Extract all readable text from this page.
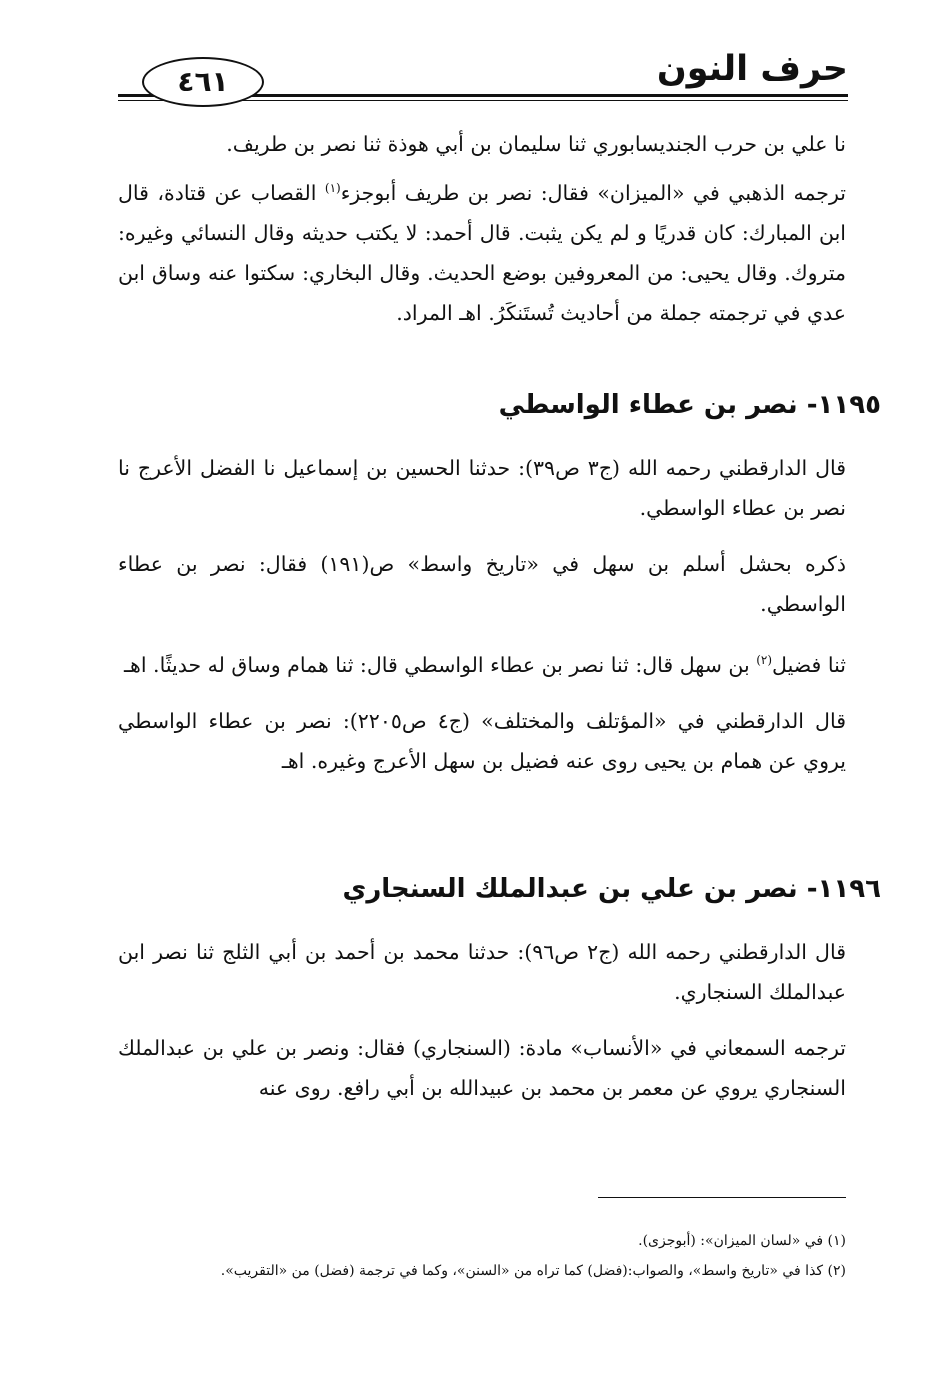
حرف النون
٤٦١

نا علي بن حرب الجنديسابوري ثنا سليمان بن أبي هوذة ثنا نصر بن طريف.

ترجمه الذهبي في «الميزان» فقال: نصر بن طريف أبوجزء$^{(١)}$ القصاب عن قتادة، قال ابن المبارك: كان قدريًا و لم يكن يثبت. قال أحمد: لا يكتب حديثه وقال النسائي وغيره: متروك. وقال يحيى: من المعروفين بوضع الحديث. وقال البخاري: سكتوا عنه وساق ابن عدي في ترجمته جملة من أحاديث تُستَنكَرُ. اهـ المراد.

١١٩٥- نصر بن عطاء الواسطي

قال الدارقطني رحمه الله (ج٣ ص٣٩): حدثنا الحسين بن إسماعيل نا الفضل الأعرج نا نصر بن عطاء الواسطي.

ذكره بحشل أسلم بن سهل في «تاريخ واسط» ص(١٩١) فقال: نصر بن عطاء الواسطي.

ثنا فضيل$^{(٢)}$ بن سهل قال: ثنا نصر بن عطاء الواسطي قال: ثنا همام وساق له حديثًا. اهـ

قال الدارقطني في «المؤتلف والمختلف» (ج٤ ص٢٢٠٥): نصر بن عطاء الواسطي يروي عن همام بن يحيى روى عنه فضيل بن سهل الأعرج وغيره. اهـ

١١٩٦- نصر بن علي بن عبدالملك السنجاري

قال الدارقطني رحمه الله (ج٢ ص٩٦): حدثنا محمد بن أحمد بن أبي الثلج ثنا نصر ابن عبدالملك السنجاري.

ترجمه السمعاني في «الأنساب» مادة: (السنجاري) فقال: ونصر بن علي بن عبدالملك السنجاري يروي عن معمر بن محمد بن عبيدالله بن أبي رافع. روى عنه

(١) في «لسان الميزان»: (أبوجزى).

(٢) كذا في «تاريخ واسط»، والصواب:(فضل) كما تراه من «السنن»، وكما في ترجمة (فضل) من «التقريب».
